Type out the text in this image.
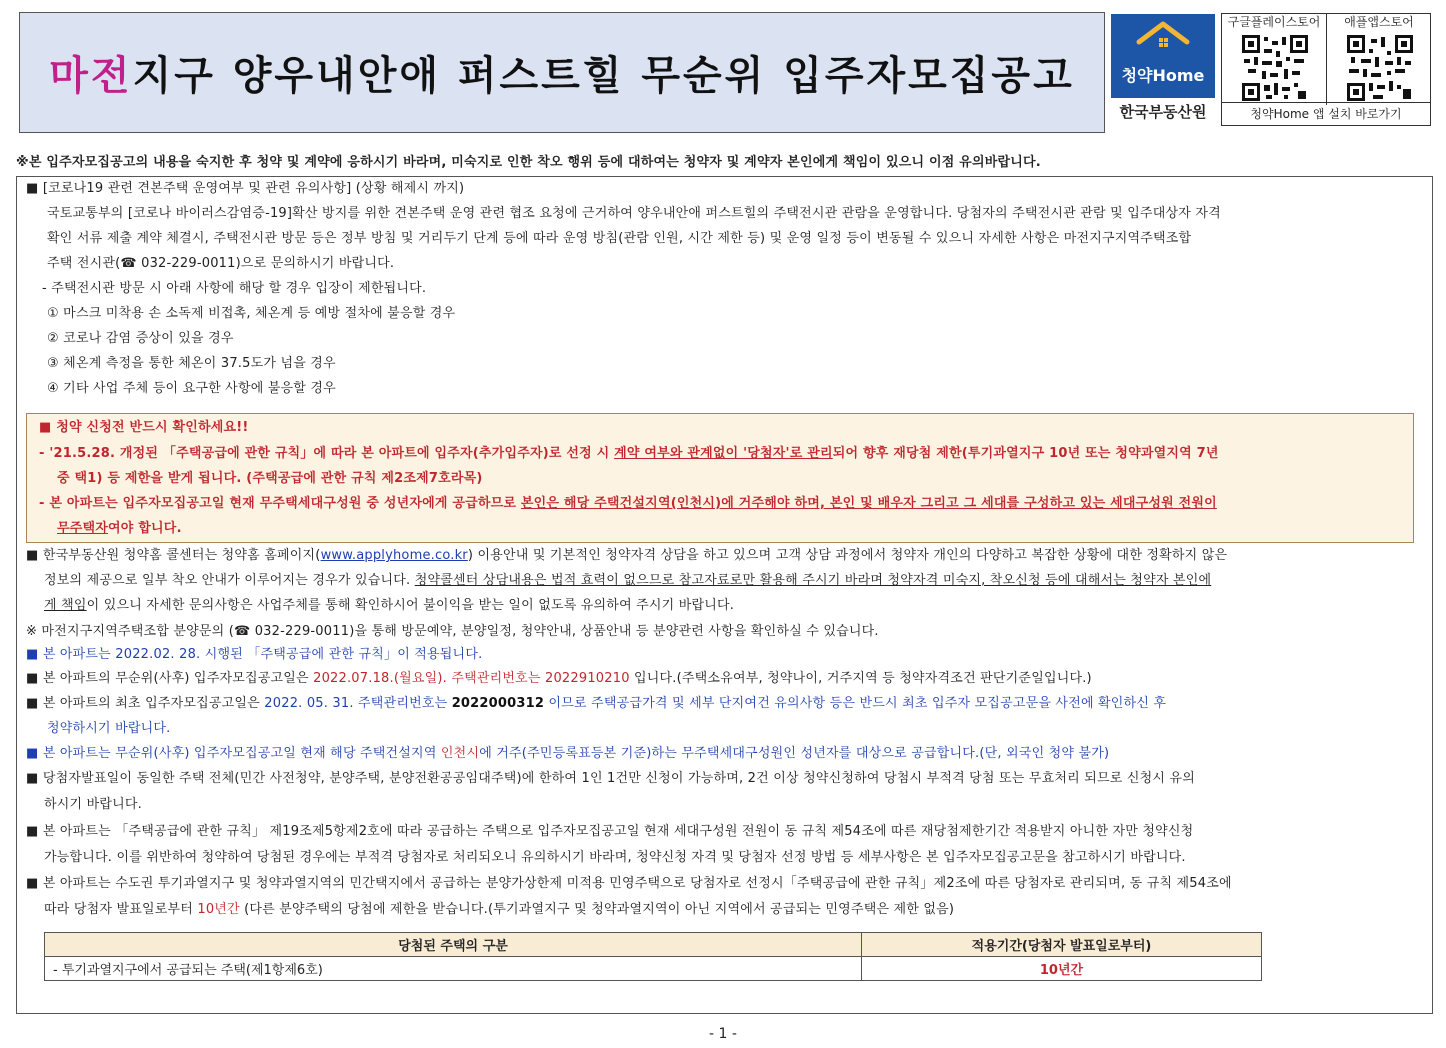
마전지구 양우내안애 퍼스트힐 무순위 입주자모집공고	청약Home
한국부동산원
구글플레이스토어	애플앱스토어
청약Home 앱 설치 바로가기
※본 입주자모집공고의 내용을 숙지한 후 청약 및 계약에 응하시기 바라며, 미숙지로 인한 착오 행위 등에 대하여는 청약자 및 계약자 본인에게 책임이 있으니 이점 유의바랍니다.
■ [코로나19 관련 견본주택 운영여부 및 관련 유의사항] (상황 해제시 까지)
국토교통부의 [코로나 바이러스감염증-19]확산 방지를 위한 견본주택 운영 관련 협조 요청에 근거하여 양우내안애 퍼스트힐의 주택전시관 관람을 운영합니다. 당첨자의 주택전시관 관람 및 입주대상자 자격
확인 서류 제출 계약 체결시, 주택전시관 방문 등은 정부 방침 및 거리두기 단계 등에 따라 운영 방침(관람 인원, 시간 제한 등) 및 운영 일정 등이 변동될 수 있으니 자세한 사항은 마전지구지역주택조합
주택 전시관(☎ 032-229-0011)으로 문의하시기 바랍니다.
- 주택전시관 방문 시 아래 사항에 해당 할 경우 입장이 제한됩니다.
① 마스크 미착용 손 소독제 비접촉, 체온계 등 예방 절차에 불응할 경우
② 코로나 감염 증상이 있을 경우
③ 체온계 측정을 통한 체온이 37.5도가 넘을 경우
④ 기타 사업 주체 등이 요구한 사항에 불응할 경우
■ 청약 신청전 반드시 확인하세요!!
- '21.5.28. 개정된 「주택공급에 관한 규칙」에 따라 본 아파트에 입주자(추가입주자)로 선정 시 계약 여부와 관계없이 '당첨자'로 관리되어 향후 재당첨 제한(투기과열지구 10년 또는 청약과열지역 7년
중 택1) 등 제한을 받게 됩니다. (주택공급에 관한 규칙 제2조제7호라목)
- 본 아파트는 입주자모집공고일 현재 무주택세대구성원 중 성년자에게 공급하므로 본인은 해당 주택건설지역(인천시)에 거주해야 하며, 본인 및 배우자 그리고 그 세대를 구성하고 있는 세대구성원 전원이
무주택자여야 합니다.
■ 한국부동산원 청약홈 콜센터는 청약홈 홈페이지(www.applyhome.co.kr) 이용안내 및 기본적인 청약자격 상담을 하고 있으며 고객 상담 과정에서 청약자 개인의 다양하고 복잡한 상황에 대한 정확하지 않은
정보의 제공으로 일부 착오 안내가 이루어지는 경우가 있습니다. 청약콜센터 상담내용은 법적 효력이 없으므로 참고자료로만 활용해 주시기 바라며 청약자격 미숙지, 착오신청 등에 대해서는 청약자 본인에
게 책임이 있으니 자세한 문의사항은 사업주체를 통해 확인하시어 불이익을 받는 일이 없도록 유의하여 주시기 바랍니다.
※ 마전지구지역주택조합 분양문의 (☎ 032-229-0011)을 통해 방문예약, 분양일정, 청약안내, 상품안내 등 분양관련 사항을 확인하실 수 있습니다.
■ 본 아파트는 2022.02. 28. 시행된 「주택공급에 관한 규칙」이 적용됩니다.
■ 본 아파트의 무순위(사후) 입주자모집공고일은 2022.07.18.(월요일). 주택관리번호는 2022910210 입니다.(주택소유여부, 청약나이, 거주지역 등 청약자격조건 판단기준일입니다.)
■ 본 아파트의 최초 입주자모집공고일은 2022. 05. 31. 주택관리번호는 2022000312 이므로 주택공급가격 및 세부 단지여건 유의사항 등은 반드시 최초 입주자 모집공고문을 사전에 확인하신 후
청약하시기 바랍니다.
■ 본 아파트는 무순위(사후) 입주자모집공고일 현재 해당 주택건설지역 인천시에 거주(주민등록표등본 기준)하는 무주택세대구성원인 성년자를 대상으로 공급합니다.(단, 외국인 청약 불가)
■ 당첨자발표일이 동일한 주택 전체(민간 사전청약, 분양주택, 분양전환공공임대주택)에 한하여 1인 1건만 신청이 가능하며, 2건 이상 청약신청하여 당첨시 부적격 당첨 또는 무효처리 되므로 신청시 유의
하시기 바랍니다.
■ 본 아파트는 「주택공급에 관한 규칙」 제19조제5항제2호에 따라 공급하는 주택으로 입주자모집공고일 현재 세대구성원 전원이 동 규칙 제54조에 따른 재당첨제한기간 적용받지 아니한 자만 청약신청
가능합니다. 이를 위반하여 청약하여 당첨된 경우에는 부적격 당첨자로 처리되오니 유의하시기 바라며, 청약신청 자격 및 당첨자 선정 방법 등 세부사항은 본 입주자모집공고문을 참고하시기 바랍니다.
■ 본 아파트는 수도권 투기과열지구 및 청약과열지역의 민간택지에서 공급하는 분양가상한제 미적용 민영주택으로 당첨자로 선정시「주택공급에 관한 규칙」제2조에 따른 당첨자로 관리되며, 동 규칙 제54조에
따라 당첨자 발표일로부터 10년간 (다른 분양주택의 당첨에 제한을 받습니다.(투기과열지구 및 청약과열지역이 아닌 지역에서 공급되는 민영주택은 제한 없음)
당첨된 주택의 구분	적용기간(당첨자 발표일로부터)
- 투기과열지구에서 공급되는 주택(제1항제6호)	10년간
- 1 -
